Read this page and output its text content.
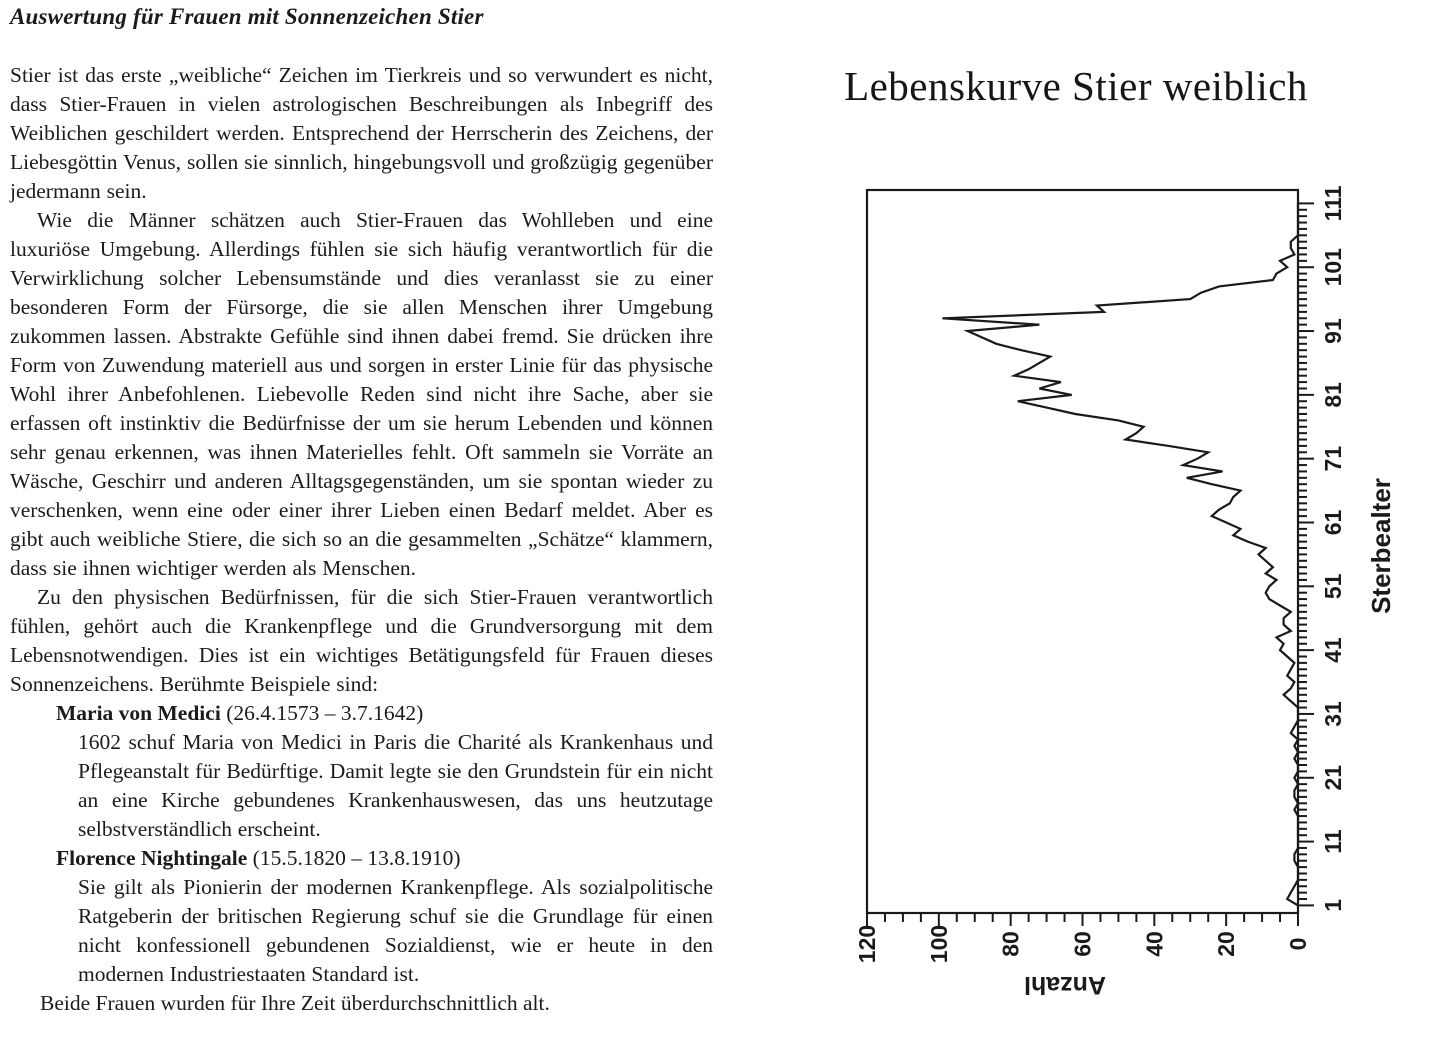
Auswertung für Frauen mit Sonnenzeichen Stier

Stier ist das erste „weibliche“ Zeichen im Tierkreis und so verwundert es nicht, dass Stier-Frauen in vielen astrologischen Beschreibungen als Inbegriff des Weiblichen geschildert werden. Entsprechend der Herrscherin des Zeichens, der Liebesgöttin Venus, sollen sie sinnlich, hingebungsvoll und großzügig gegenüber jedermann sein.

Wie die Männer schätzen auch Stier-Frauen das Wohlleben und eine luxuriöse Umgebung. Allerdings fühlen sie sich häufig verantwortlich für die Verwirklichung solcher Lebensumstände und dies veranlasst sie zu einer besonderen Form der Fürsorge, die sie allen Menschen ihrer Umgebung zukommen lassen. Abstrakte Gefühle sind ihnen dabei fremd. Sie drücken ihre Form von Zuwendung materiell aus und sorgen in erster Linie für das physische Wohl ihrer Anbefohlenen. Liebevolle Reden sind nicht ihre Sache, aber sie erfassen oft instinktiv die Bedürfnisse der um sie herum Lebenden und können sehr genau erkennen, was ihnen Materielles fehlt. Oft sammeln sie Vorräte an Wäsche, Geschirr und anderen Alltagsgegenständen, um sie spontan wieder zu verschenken, wenn eine oder einer ihrer Lieben einen Bedarf meldet. Aber es gibt auch weibliche Stiere, die sich so an die gesammelten „Schätze“ klammern, dass sie ihnen wichtiger werden als Menschen.

Zu den physischen Bedürfnissen, für die sich Stier-Frauen verantwortlich fühlen, gehört auch die Krankenpflege und die Grundversorgung mit dem Lebensnotwendigen. Dies ist ein wichtiges Betätigungsfeld für Frauen dieses Sonnenzeichens. Berühmte Beispiele sind:

Maria von Medici (26.4.1573 – 3.7.1642)

1602 schuf Maria von Medici in Paris die Charité als Krankenhaus und Pflegeanstalt für Bedürftige. Damit legte sie den Grundstein für ein nicht an eine Kirche gebundenes Krankenhauswesen, das uns heutzutage selbstverständlich erscheint.

Florence Nightingale (15.5.1820 – 13.8.1910)

Sie gilt als Pionierin der modernen Krankenpflege. Als sozialpolitische Ratgeberin der britischen Regierung schuf sie die Grundlage für einen nicht konfessionell gebundenen Sozialdienst, wie er heute in den modernen Industriestaaten Standard ist.

Beide Frauen wurden für Ihre Zeit überdurchschnittlich alt.

Lebenskurve Stier weiblich
1
11
21
31
41
51
61
71
81
91
101
111
Sterbealter
0
20
40
60
80
100
120
Anzahl
